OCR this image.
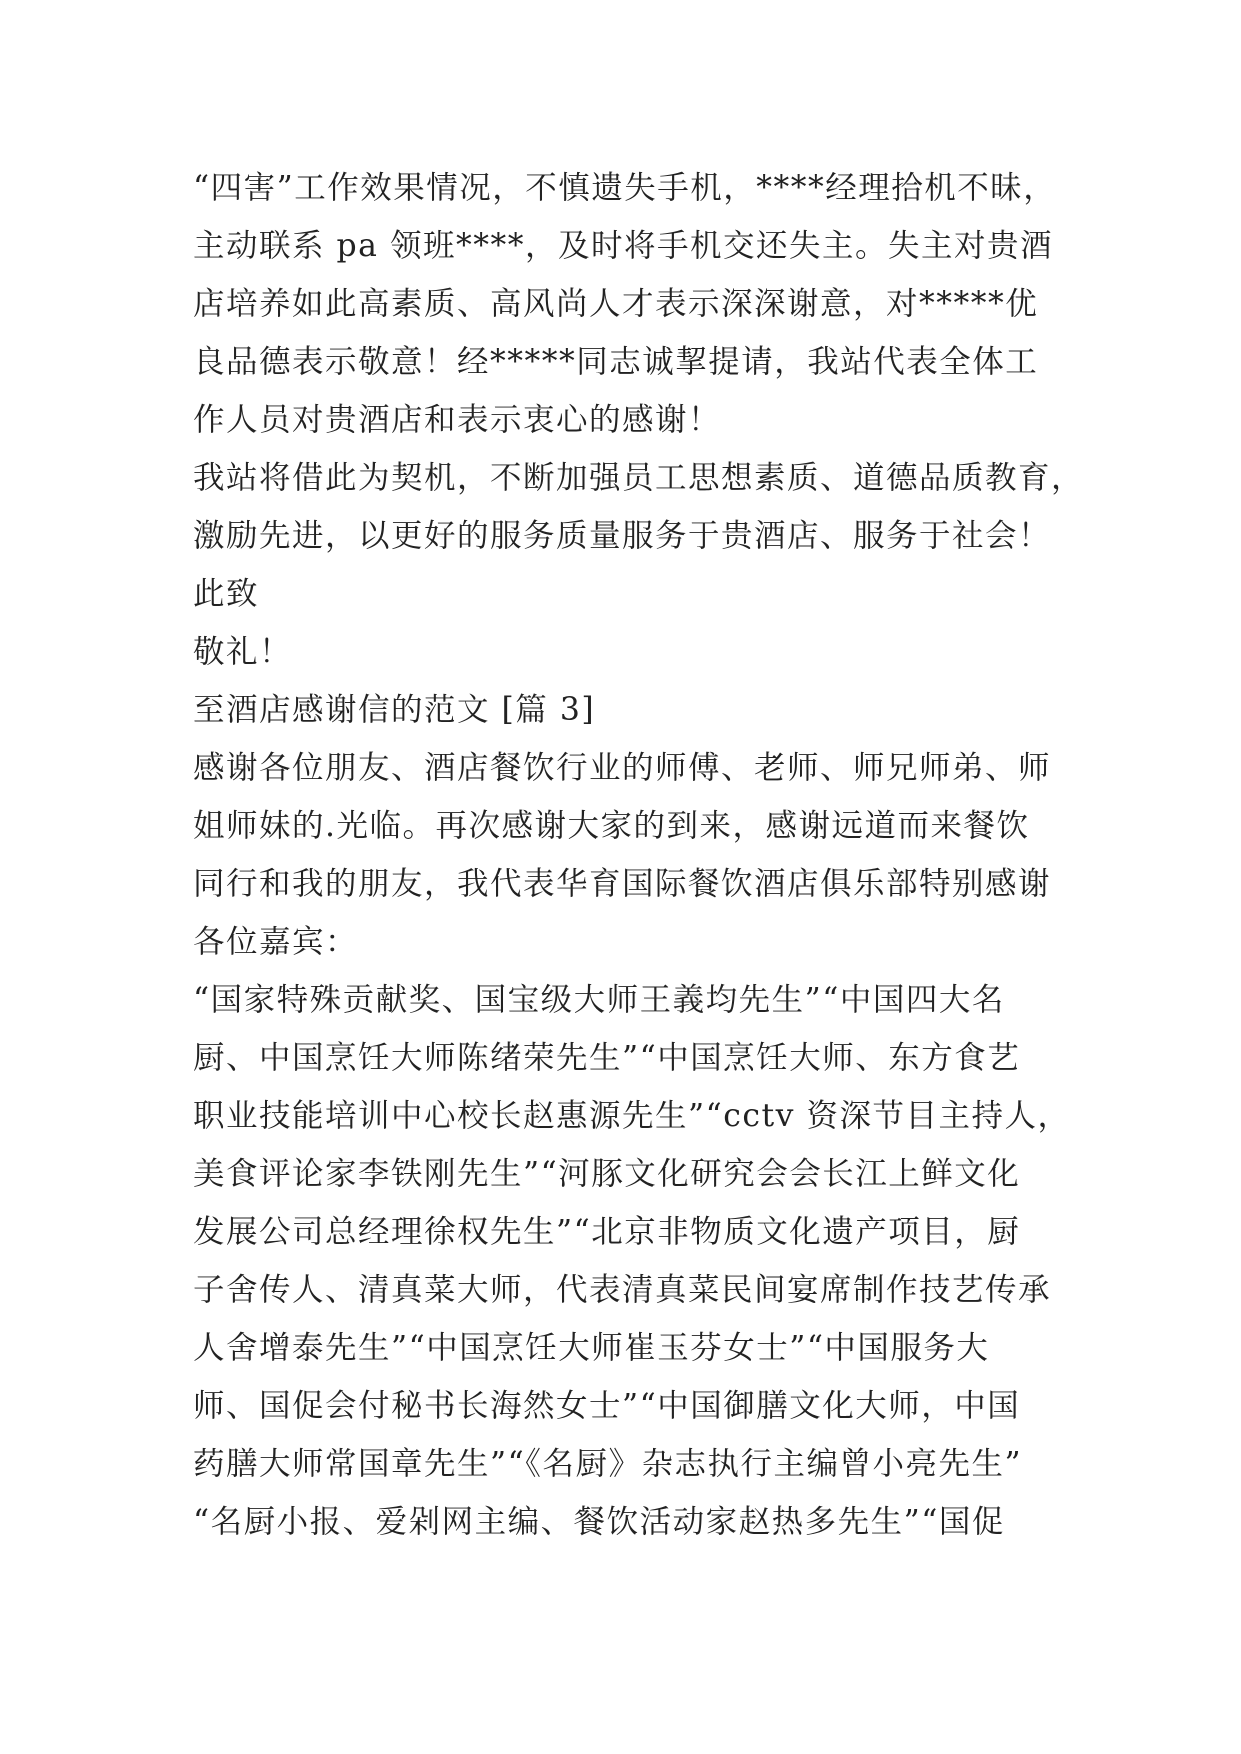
“四害”工作效果情况，不慎遗失手机，****经理拾机不昧，
主动联系 pa 领班****，及时将手机交还失主。失主对贵酒
店培养如此高素质、高风尚人才表示深深谢意，对*****优
良品德表示敬意！经*****同志诚挈提请，我站代表全体工
作人员对贵酒店和表示衷心的感谢！
我站将借此为契机，不断加强员工思想素质、道德品质教育，
激励先进，以更好的服务质量服务于贵酒店、服务于社会！
此致
敬礼！
至酒店感谢信的范文 [篇 3]
感谢各位朋友、酒店餐饮行业的师傅、老师、师兄师弟、师
姐师妹的.光临。再次感谢大家的到来，感谢远道而来餐饮
同行和我的朋友，我代表华育国际餐饮酒店俱乐部特别感谢
各位嘉宾：
“国家特殊贡献奖、国宝级大师王義均先生”“中国四大名
厨、中国烹饪大师陈绪荣先生”“中国烹饪大师、东方食艺
职业技能培训中心校长赵惠源先生”“cctv 资深节目主持人，
美食评论家李铁刚先生”“河豚文化研究会会长江上鲜文化
发展公司总经理徐权先生”“北京非物质文化遗产项目，厨
子舍传人、清真菜大师，代表清真菜民间宴席制作技艺传承
人舍增泰先生”“中国烹饪大师崔玉芬女士”“中国服务大
师、国促会付秘书长海然女士”“中国御膳文化大师，中国
药膳大师常国章先生”“《名厨》杂志执行主编曾小亮先生”
“名厨小报、爱剁网主编、餐饮活动家赵热多先生”“国促
